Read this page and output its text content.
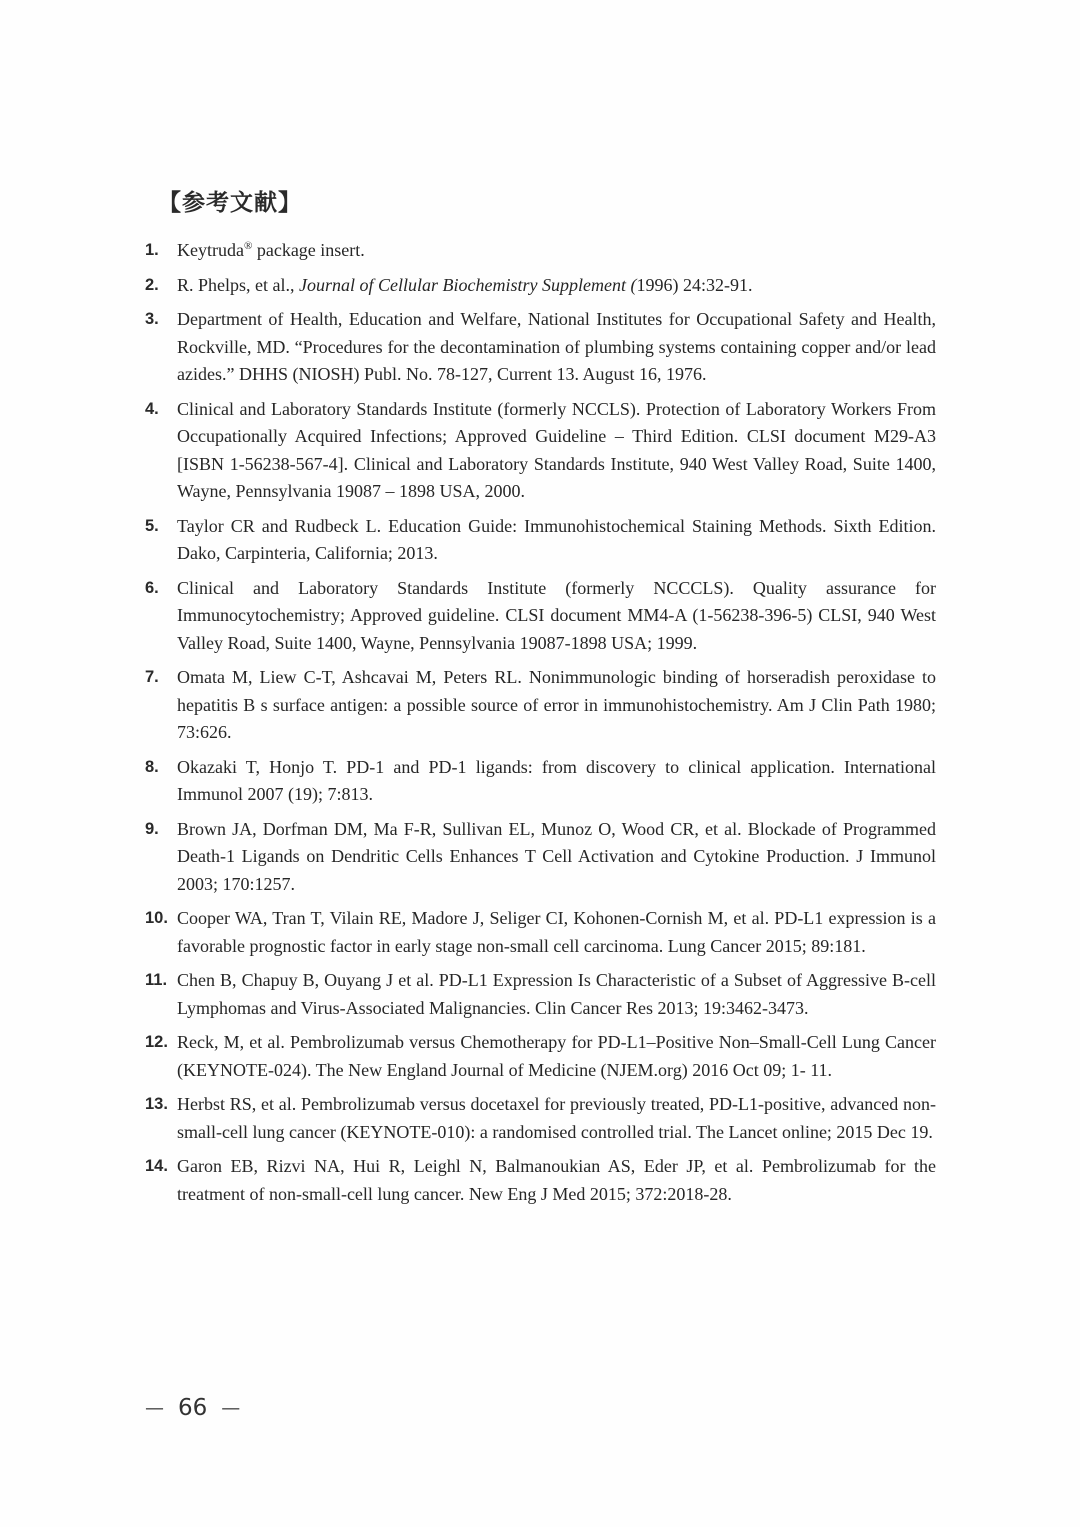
【参考文献】
1.	Keytruda® package insert.
2.	R. Phelps, et al., Journal of Cellular Biochemistry Supplement (1996) 24:32-91.
3.	Department of Health, Education and Welfare, National Institutes for Occupational Safety and Health, Rockville, MD. “Procedures for the decontamination of plumbing systems containing copper and/or lead azides.” DHHS (NIOSH) Publ. No. 78-127, Current 13. August 16, 1976.
4.	Clinical and Laboratory Standards Institute (formerly NCCLS). Protection of Laboratory Workers From Occupationally Acquired Infections; Approved Guideline – Third Edition. CLSI document M29-A3 [ISBN 1-56238-567-4]. Clinical and Laboratory Standards Institute, 940 West Valley Road, Suite 1400, Wayne, Pennsylvania 19087 – 1898 USA, 2000.
5.	Taylor CR and Rudbeck L. Education Guide: Immunohistochemical Staining Methods. Sixth Edition. Dako, Carpinteria, California; 2013.
6.	Clinical and Laboratory Standards Institute (formerly NCCCLS). Quality assurance for Immunocytochemistry; Approved guideline. CLSI document MM4-A (1-56238-396-5) CLSI, 940 West Valley Road, Suite 1400, Wayne, Pennsylvania 19087-1898 USA; 1999.
7.	Omata M, Liew C-T, Ashcavai M, Peters RL. Nonimmunologic binding of horseradish peroxidase to hepatitis B s surface antigen: a possible source of error in immunohistochemistry. Am J Clin Path 1980; 73:626.
8.	Okazaki T, Honjo T. PD-1 and PD-1 ligands: from discovery to clinical application. International Immunol 2007 (19); 7:813.
9.	Brown JA, Dorfman DM, Ma F-R, Sullivan EL, Munoz O, Wood CR, et al. Blockade of Programmed Death-1 Ligands on Dendritic Cells Enhances T Cell Activation and Cytokine Production. J Immunol 2003; 170:1257.
10. Cooper WA, Tran T, Vilain RE, Madore J, Seliger CI, Kohonen-Cornish M, et al. PD-L1 expression is a favorable prognostic factor in early stage non-small cell carcinoma. Lung Cancer 2015; 89:181.
11. Chen B, Chapuy B, Ouyang J et al. PD-L1 Expression Is Characteristic of a Subset of Aggressive B-cell Lymphomas and Virus-Associated Malignancies. Clin Cancer Res 2013; 19:3462-3473.
12. Reck, M, et al. Pembrolizumab versus Chemotherapy for PD-L1–Positive Non–Small-Cell Lung Cancer (KEYNOTE-024). The New England Journal of Medicine (NJEM.org) 2016 Oct 09; 1- 11.
13. Herbst RS, et al. Pembrolizumab versus docetaxel for previously treated, PD-L1-positive, advanced non-small-cell lung cancer (KEYNOTE-010): a randomised controlled trial. The Lancet online; 2015 Dec 19.
14. Garon EB, Rizvi NA, Hui R, Leighl N, Balmanoukian AS, Eder JP, et al. Pembrolizumab for the treatment of non-small-cell lung cancer. New Eng J Med 2015; 372:2018-28.
— 66 —
